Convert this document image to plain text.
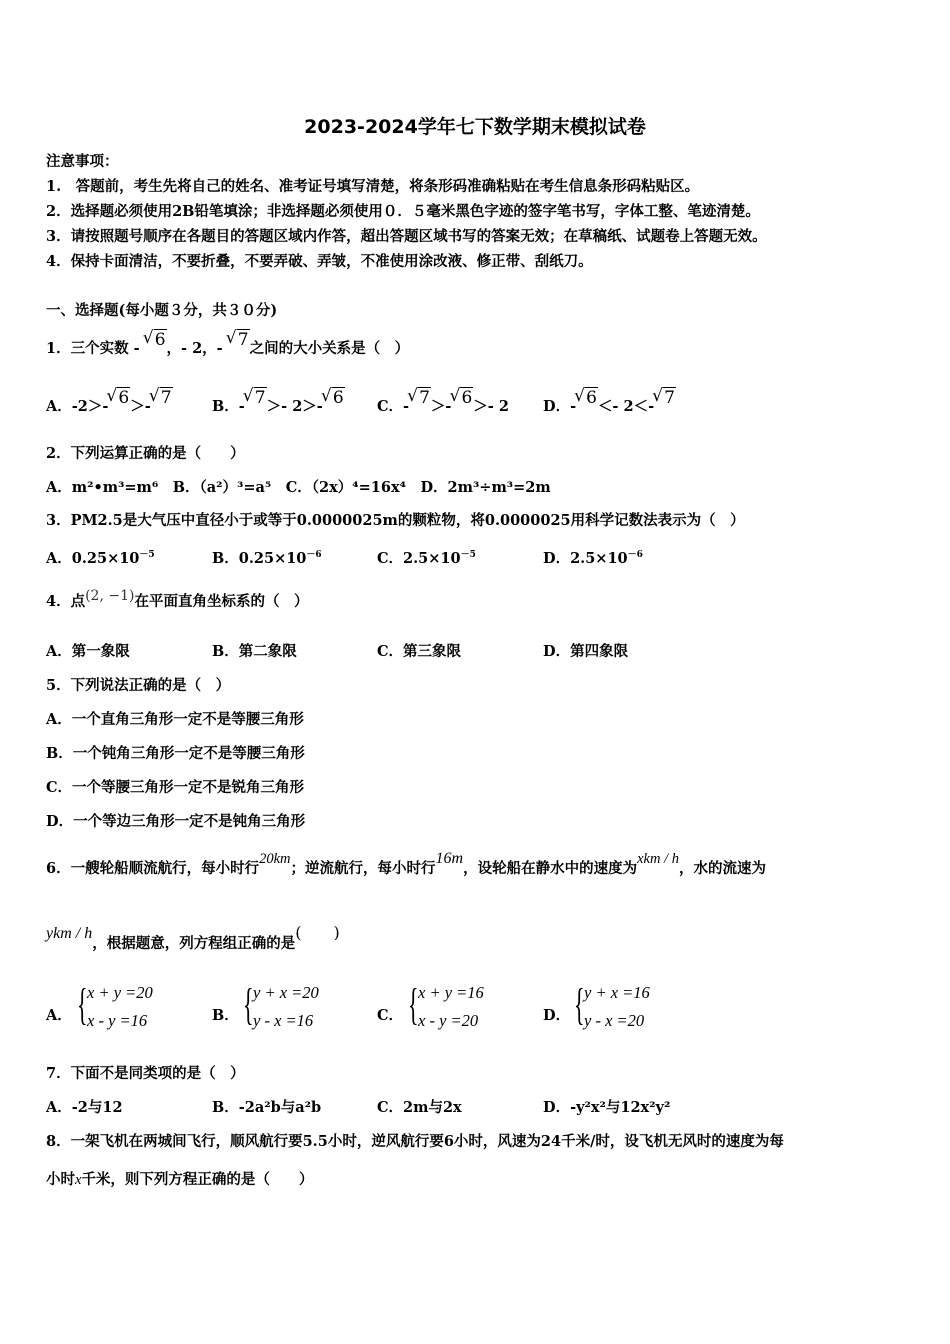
2023-2024学年七下数学期末模拟试卷
注意事项：
1.　答题前，考生先将自己的姓名、准考证号填写清楚，将条形码准确粘贴在考生信息条形码粘贴区。
2．选择题必须使用2B铅笔填涂；非选择题必须使用０．５毫米黑色字迹的签字笔书写，字体工整、笔迹清楚。
3．请按照题号顺序在各题目的答题区域内作答，超出答题区域书写的答案无效；在草稿纸、试题卷上答题无效。
4．保持卡面清洁，不要折叠，不要弄破、弄皱，不准使用涂改液、修正带、刮纸刀。
一、选择题(每小题３分，共３０分)
1．三个实数 - √ 6，- 2，- √ 7之间的大小关系是（　）
A．-2＞- √ 6＞- √ 7	B．- √ 7＞- 2＞- √ 6 C．- √ 7＞- √ 6＞- 2 D．- √ 6＜- 2＜- √ 7
2．下列运算正确的是（　　）
A．m²•m³=m⁶　B．（a²）³=a⁵　C．（2x）⁴=16x⁴　D．2m³÷m³=2m
3．PM2.5是大气压中直径小于或等于0.0000025m的颗粒物，将0.0000025用科学记数法表示为（　）
A．$0.25\times 10^{-5}$	B．$0.25\times 10^{-6}$	C．$2.5\times 10^{-5}$	D．$2.5\times 10^{-6}$
4．点(2, −1)在平面直角坐标系的（　）
A．第一象限	B．第二象限	C．第三象限	D．第四象限
5．下列说法正确的是（　）
A．一个直角三角形一定不是等腰三角形
B．一个钝角三角形一定不是等腰三角形
C．一个等腰三角形一定不是锐角三角形
D．一个等边三角形一定不是钝角三角形
6．一艘轮船顺流航行，每小时行20km；逆流航行，每小时行16m，设轮船在静水中的速度为xkm / h，水的流速为
ykm / h，根据题意，列方程组正确的是(　　)
A． { x + y =20
x - y =16	B． { y + x =20
y - x =16	C． { x + y =16
x - y =20	D． { y + x =16
y - x =20
7．下面不是同类项的是（　）
A．-2与12	B．-2a²b与a²b	C．2m与2x	D．-y²x²与12x²y²
8．一架飞机在两城间飞行，顺风航行要5.5小时，逆风航行要6小时，风速为24千米/时，设飞机无风时的速度为每
小时x千米，则下列方程正确的是（　　）
